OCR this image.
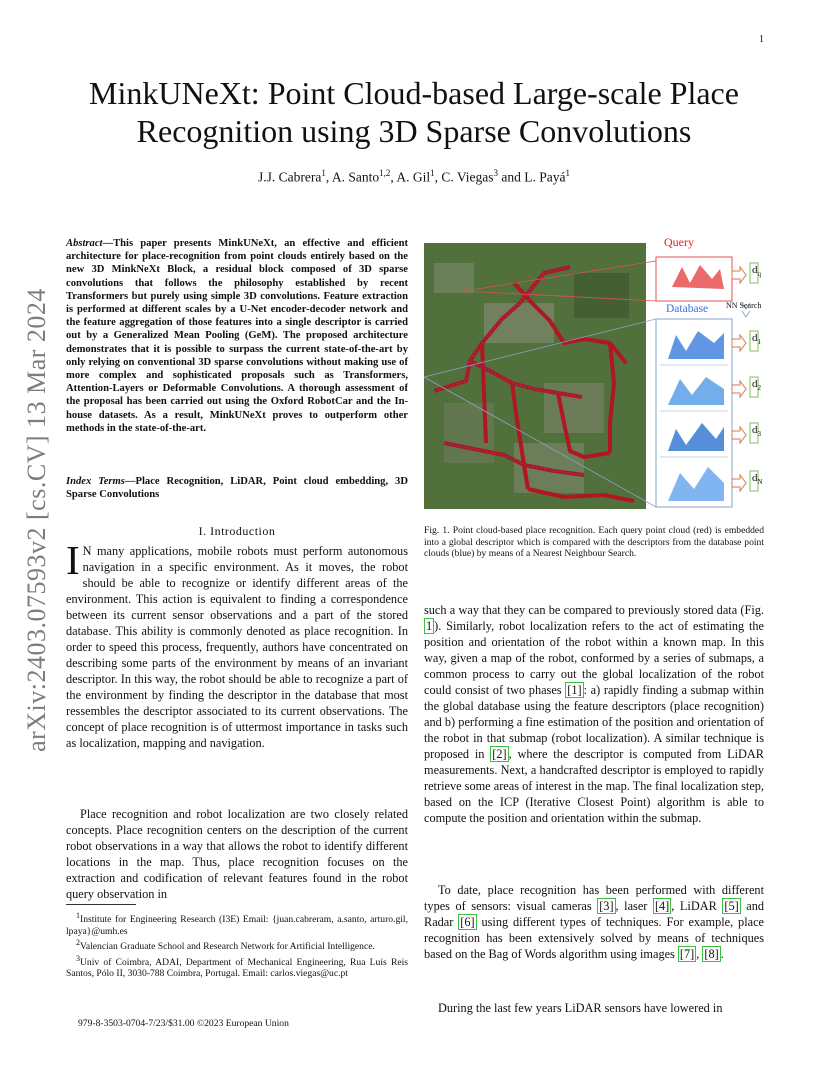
1
arXiv:2403.07593v2 [cs.CV] 13 Mar 2024
MinkUNeXt: Point Cloud-based Large-scale Place
Recognition using 3D Sparse Convolutions
J.J. Cabrera$^1$, A. Santo$^{1,2}$, A. Gil$^1$, C. Viegas$^3$ and L. Payá$^1$

Abstract—This paper presents MinkUNeXt, an effective and efficient architecture for place-recognition from point clouds entirely based on the new 3D MinkNeXt Block, a residual block composed of 3D sparse convolutions that follows the philosophy established by recent Transformers but purely using simple 3D convolutions. Feature extraction is performed at different scales by a U-Net encoder-decoder network and the feature aggregation of those features into a single descriptor is carried out by a Generalized Mean Pooling (GeM). The proposed architecture demonstrates that it is possible to surpass the current state-of-the-art by only relying on conventional 3D sparse convolutions without making use of more complex and sophisticated proposals such as Transformers, Attention-Layers or Deformable Convolutions. A thorough assessment of the proposal has been carried out using the Oxford RobotCar and the In-house datasets. As a result, MinkUNeXt proves to outperform other methods in the state-of-the-art.

Index Terms—Place Recognition, LiDAR, Point cloud embedding, 3D Sparse Convolutions

I. Introduction

I N many applications, mobile robots must perform autonomous navigation in a specific environment. As it moves, the robot should be able to recognize or identify different areas of the environment. This action is equivalent to finding a correspondence between its current sensor observations and a part of the stored database. This ability is commonly denoted as place recognition. In order to speed this process, frequently, authors have concentrated on describing some parts of the environment by means of an invariant descriptor. In this way, the robot should be able to recognize a part of the environment by finding the descriptor in the database that most ressembles the descriptor associated to its current observations. The concept of place recognition is of uttermost importance in tasks such as localization, mapping and navigation.

Place recognition and robot localization are two closely related concepts. Place recognition centers on the description of the current robot observations in a way that allows the robot to identify different locations in the map. Thus, place recognition focuses on the extraction and codification of relevant features found in the robot query observation in

$^1$Institute for Engineering Research (I3E) Email: {juan.cabreram, a.santo, arturo.gil, lpaya}@umh.es

$^2$Valencian Graduate School and Research Network for Artificial Intelligence.

$^3$Univ of Coimbra, ADAI, Department of Mechanical Engineering, Rua Luís Reis Santos, Pólo II, 3030-788 Coimbra, Portugal. Email: carlos.viegas@uc.pt

979-8-3503-0704-7/23/$31.00 ©2023 European Union
Query
Database NN Search
$d_q$
$d_1$
$d_2$
$d_3$
$d_N$
Fig. 1. Point cloud-based place recognition. Each query point cloud (red) is embedded into a global descriptor which is compared with the descriptors from the database point clouds (blue) by means of a Nearest Neighbour Search.

such a way that they can be compared to previously stored data (Fig. 1 ). Similarly, robot localization refers to the act of estimating the position and orientation of the robot within a known map. In this way, given a map of the robot, conformed by a series of submaps, a common process to carry out the global localization of the robot could consist of two phases [1] : a) rapidly finding a submap within the global database using the feature descriptors (place recognition) and b) performing a fine estimation of the position and orientation of the robot in that submap (robot localization). A similar technique is proposed in [2] , where the descriptor is computed from LiDAR measurements. Next, a handcrafted descriptor is employed to rapidly retrieve some areas of interest in the map. The final localization step, based on the ICP (Iterative Closest Point) algorithm is able to compute the position and orientation within the submap.

To date, place recognition has been performed with different types of sensors: visual cameras [3] , laser [4] , LiDAR [5] and Radar [6] using different types of techniques. For example, place recognition has been extensively solved by means of techniques based on the Bag of Words algorithm using images [7] , [8] .

During the last few years LiDAR sensors have lowered in
